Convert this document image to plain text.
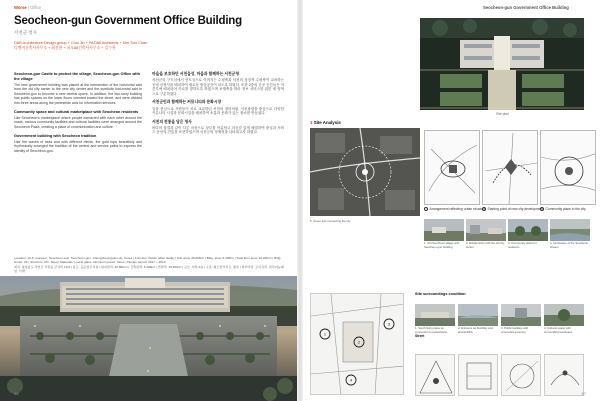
Worse | Office
Seocheon-gun Government Office Building
서천군 청사
D&B Architecture Design group + Choi Jin + PAO88 Architects + Kim Soo Chan
디앤비건축사사무소 + 최진한 + 파오88건축사사무소 + 김수찬
Seocheon-gun Castle to protect the village, Seocheon-gun Office with the village

The new government building was placed at the intersection of the horizontal axis from the old city center to the new city center and the symbolic horizontal axis in Seocheon-gun to become a new central space. In addition, the two-story building has public spaces on the lower floors oriented toward the street, and were divided into three areas along the pedestrian axis for information services.

Community space and cultural marketplace with Seocheon residents

Like Seocheon's marketplace where people interacted with each other around the roads, various community facilities and cultural facilities were arranged around the Seocheon Plaza, creating a place of communication and culture.

Government building with Seocheon tradition

Like the waves of seas and with different minds, the gold tops beautifully and rhythmically arranged the tradition of the central and service paths to express the identity of Seocheon-gun.

마을을 보호하던 서천읍성, 마을과 함께하는 서천군청

서천군의 구도심에서 신도심으로 이어지는 수평축과 서천의 상징적 수평축이 교차하는 곳에 신청사를 배치하여 새로운 중심공간이 되도록 하였다. 또한 2층의 공공 공간들은 저층부에 배치되어 가로를 향하도록 하였으며 보행축을 따라 정보 서비스를 위한 세 영역으로 구분하였다.

서천군민과 함께하는 커뮤니티와 문화시장

길을 중심으로 사람들이 서로 교류하던 서천의 장터처럼, 서천광장을 중심으로 다양한 커뮤니티 시설과 문화시설을 배치하여 소통과 문화가 있는 장소를 만들었다.

서천의 전통을 담은 청사

바다의 물결과 같이 다른 마음으로 상부를 아름답고 리듬감 있게 배열하여 중심과 서비스 동선의 전통을 표현하였으며 서천군의 정체성을 나타내고자 하였다.

Location: 10-6, Gunsa-ri, Seocheon-eup, Seocheon-gun, Chungcheongnam-do, Korea | Function: Public office facility | Site area: 36,896m² | Bldg. area: 6,498m² | Total floor area: 18,936m² | Bldg. scope: 2F | Structure: RC, Steel | Materials: Low-E glass, Aluminum panel, Stone | Design period: 2017 ~ 2018
위치: 충청남도 서천군 서천읍 군사리 10-6 | 용도: 공공업무시설 | 대지면적: 36,896m² | 건축면적: 6,498m² | 연면적: 18,936m² | 규모: 지상 2층 | 구조: 철근콘크리트, 철골 | 외부마감: 로이유리, 알루미늄패널, 석재
56
Seocheon-gun Government Office Building
Site plan
1 Site Analysis
Arrangement reflecting urban structure Starting point of new city development Community place in the city
1. Old Seocheon village and Seocheon-gun building
2. Relationship with the old city center
3. Community plaza for residents
4. Landscape of the Seocheon stream
5. Green axis connecting the city
Site surroundings condition
1
2
3
4
Street
1. South living place as connection to pedestrians
2. Entrance as flexibility and accessibility
3. Public facilities with connected greenery
4. Cultural space with surrounding landscape
57
